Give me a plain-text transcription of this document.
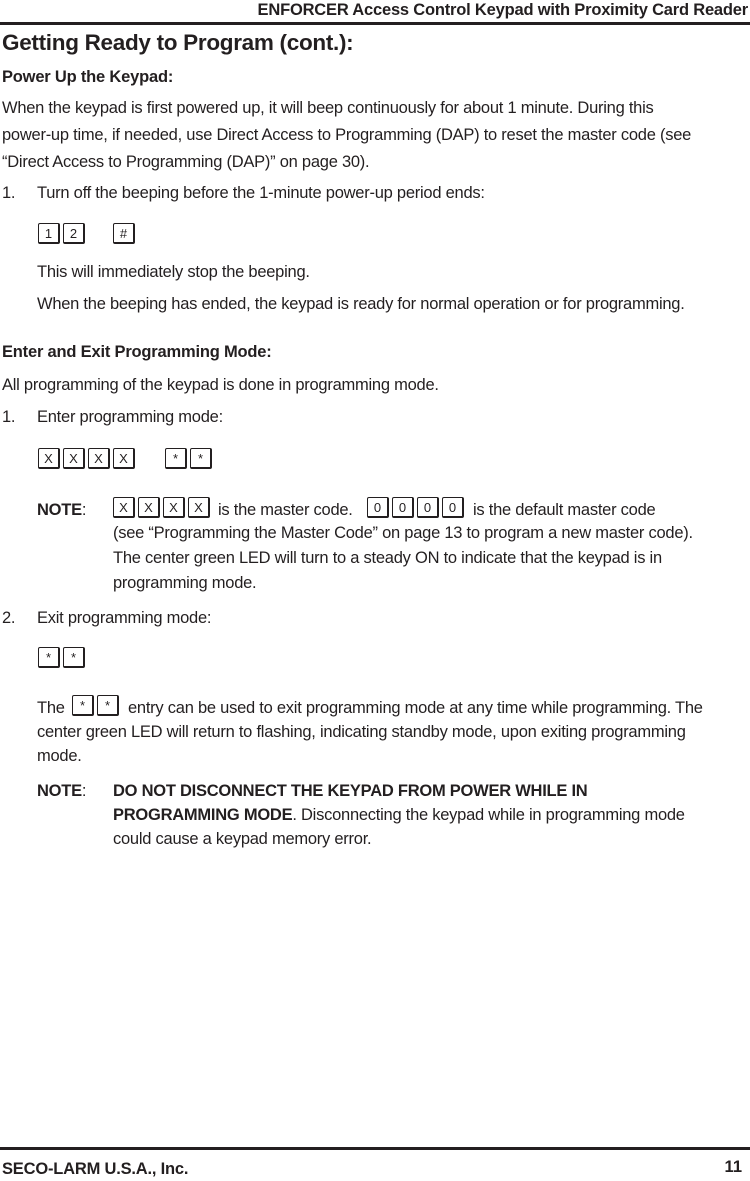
ENFORCER Access Control Keypad with Proximity Card Reader
Getting Ready to Program (cont.):
Power Up the Keypad:
When the keypad is first powered up, it will beep continuously for about 1 minute. During this
power-up time, if needed, use Direct Access to Programming (DAP) to reset the master code (see
“Direct Access to Programming (DAP)” on page 30).
1. Turn off the beeping before the 1-minute power-up period ends:
1	2	#
This will immediately stop the beeping.
When the beeping has ended, the keypad is ready for normal operation or for programming.
Enter and Exit Programming Mode:
All programming of the keypad is done in programming mode.
1. Enter programming mode:
X	X	X	X	*	*
NOTE:	X	X	X	X is the master code.	0	0	0	0	is the default master code
(see “Programming the Master Code” on page 13 to program a new master code).
The center green LED will turn to a steady ON to indicate that the keypad is in
programming mode.
2. Exit programming mode:
*	*
The	*	*	entry can be used to exit programming mode at any time while programming. The
center green LED will return to flashing, indicating standby mode, upon exiting programming
mode.
NOTE: DO NOT DISCONNECT THE KEYPAD FROM POWER WHILE IN
PROGRAMMING MODE. Disconnecting the keypad while in programming mode
could cause a keypad memory error.
SECO-LARM U.S.A., Inc.	11
